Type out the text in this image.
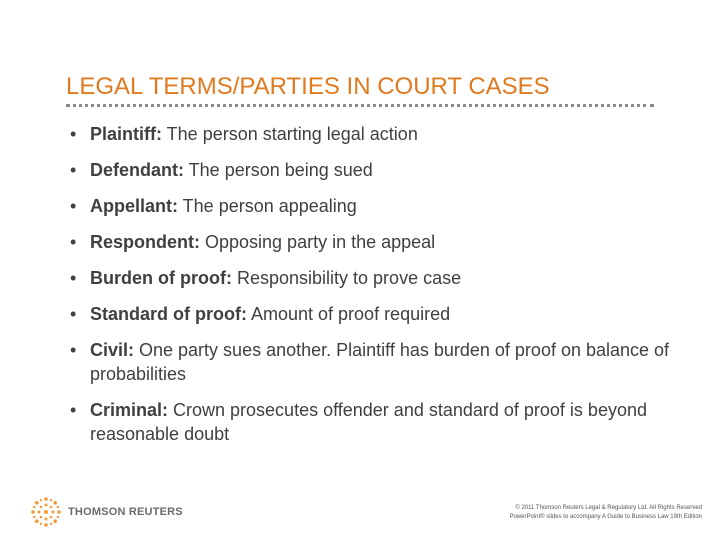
LEGAL TERMS/PARTIES IN COURT CASES
• Plaintiff: The person starting legal action
• Defendant: The person being sued
• Appellant: The person appealing
• Respondent: Opposing party in the appeal
• Burden of proof: Responsibility to prove case
• Standard of proof: Amount of proof required
• Civil: One party sues another. Plaintiff has burden of proof on balance of probabilities
• Criminal: Crown prosecutes offender and standard of proof is beyond reasonable doubt
THOMSON REUTERS	© 2011 Thomson Reuters Legal & Regulatory Ltd. All Rights Reserved
PowerPoint® slides to accompany A Guide to Business Law 19th Edition
